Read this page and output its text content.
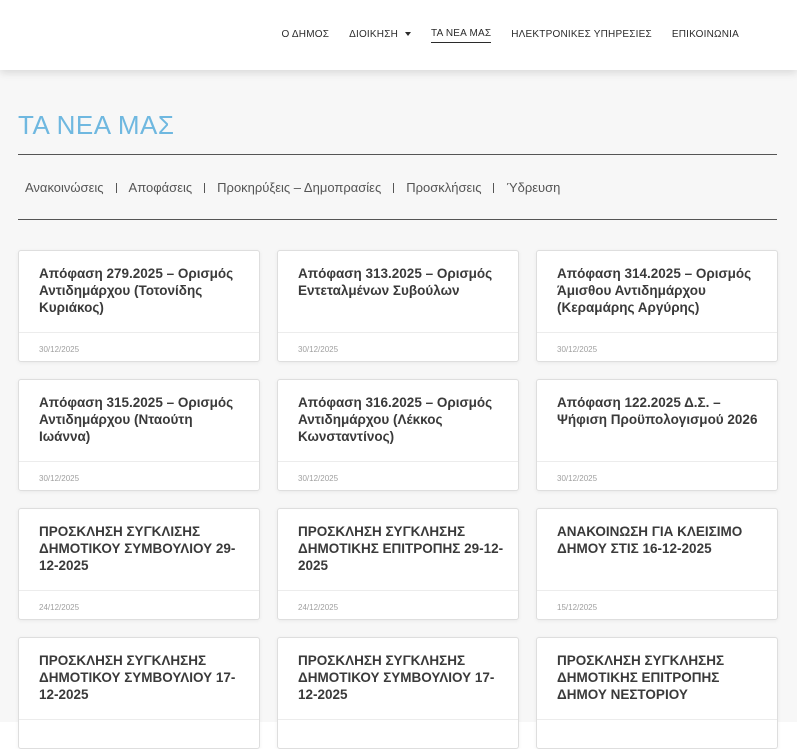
Ο ΔΗΜΟΣ ΔΙΟΙΚΗΣΗ	ΤΑ ΝΕΑ ΜΑΣ ΗΛΕΚΤΡΟΝΙΚΕΣ ΥΠΗΡΕΣΙΕΣ ΕΠΙΚΟΙΝΩΝΙΑ
ΤΑ ΝΕΑ ΜΑΣ
Ανακοινώσεις Αποφάσεις Προκηρύξεις – Δημοπρασίες Προσκλήσεις Ύδρευση
Απόφαση 279.2025 – Ορισμός Αντιδημάρχου (Τοτονίδης Κυριάκος)
30/12/2025
Απόφαση 313.2025 – Ορισμός Εντεταλμένων Συβούλων
30/12/2025
Απόφαση 314.2025 – Ορισμός Άμισθου Αντιδημάρχου (Κεραμάρης Αργύρης)
30/12/2025
Απόφαση 315.2025 – Ορισμός Αντιδημάρχου (Νταούτη Ιωάννα)
30/12/2025
Απόφαση 316.2025 – Ορισμός Αντιδημάρχου (Λέκκος Κωνσταντίνος)
30/12/2025
Απόφαση 122.2025 Δ.Σ. – Ψήφιση Προϋπολογισμού 2026
30/12/2025
ΠΡΟΣΚΛΗΣΗ ΣΥΓΚΛΙΣΗΣ ΔΗΜΟΤΙΚΟΥ ΣΥΜΒΟΥΛΙΟΥ 29-12-2025
24/12/2025
ΠΡΟΣΚΛΗΣΗ ΣΥΓΚΛΗΣΗΣ ΔΗΜΟΤΙΚΗΣ ΕΠΙΤΡΟΠΗΣ 29-12-2025
24/12/2025
ΑΝΑΚΟΙΝΩΣΗ ΓΙΑ ΚΛΕΙΣΙΜΟ ΔΗΜΟΥ ΣΤΙΣ 16-12-2025
15/12/2025
ΠΡΟΣΚΛΗΣΗ ΣΥΓΚΛΗΣΗΣ ΔΗΜΟΤΙΚΟΥ ΣΥΜΒΟΥΛΙΟΥ 17-12-2025
ΠΡΟΣΚΛΗΣΗ ΣΥΓΚΛΗΣΗΣ ΔΗΜΟΤΙΚΟΥ ΣΥΜΒΟΥΛΙΟΥ 17-12-2025
ΠΡΟΣΚΛΗΣΗ ΣΥΓΚΛΗΣΗΣ ΔΗΜΟΤΙΚΗΣ ΕΠΙΤΡΟΠΗΣ ΔΗΜΟΥ ΝΕΣΤΟΡΙΟΥ
